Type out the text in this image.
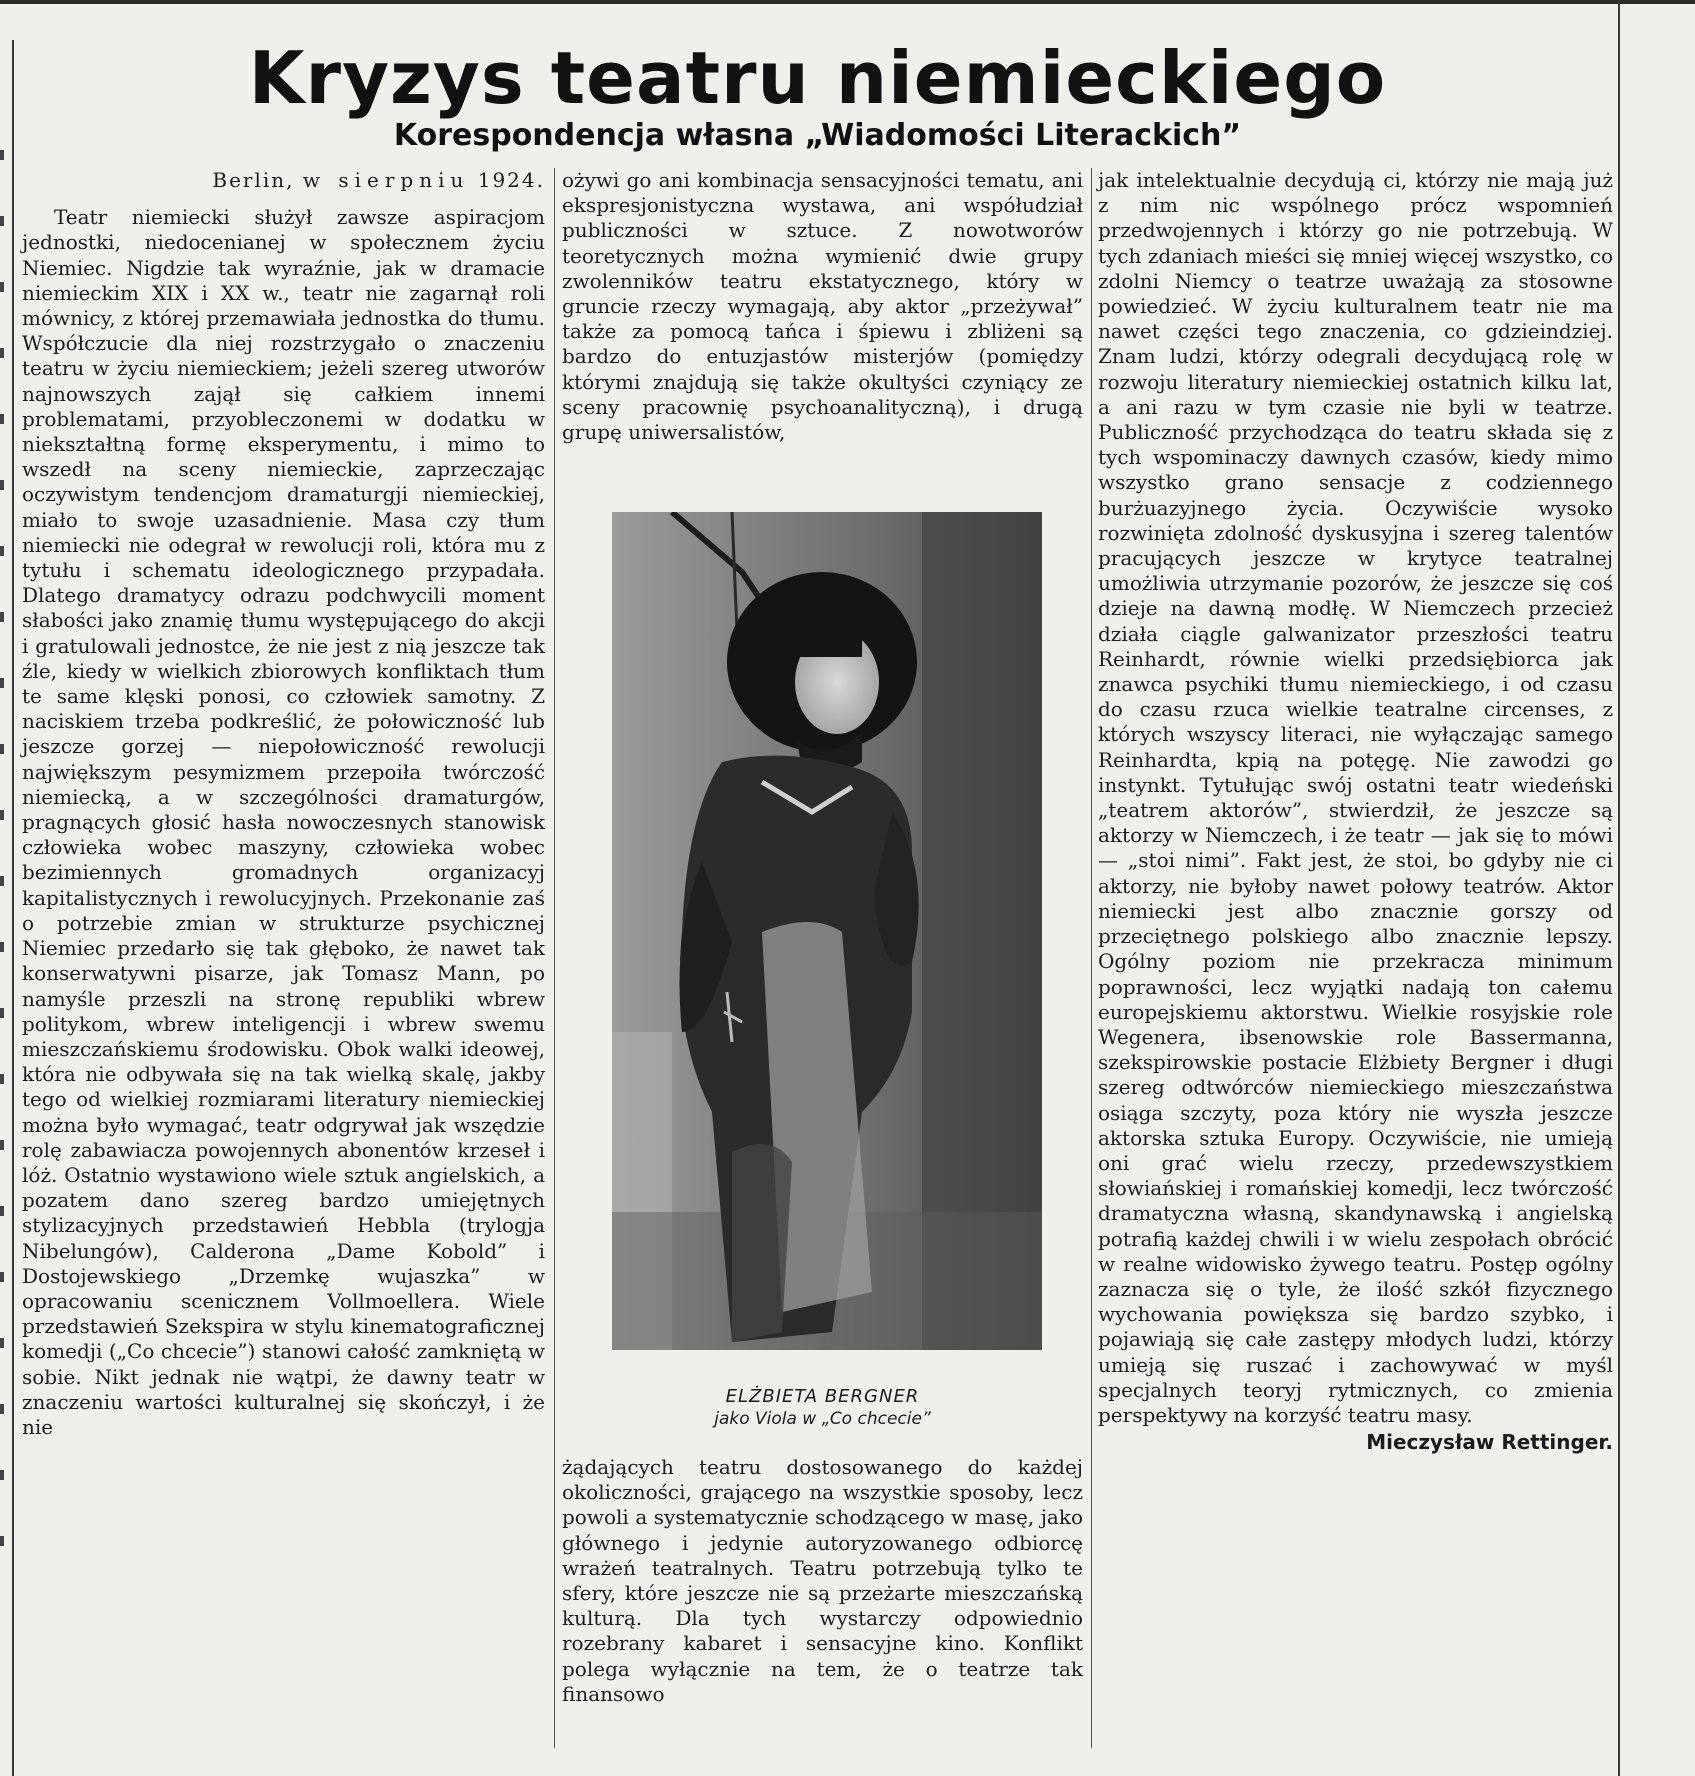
Kryzys teatru niemieckiego
Korespondencja własna „Wiadomości Literackich”
Berlin, w sierpniu 1924.

Teatr niemiecki służył zawsze aspiracjom jednostki, niedocenianej w społecznem życiu Niemiec. Nigdzie tak wyraźnie, jak w dramacie niemieckim XIX i XX w., teatr nie zagarnął roli mównicy, z której przemawiała jednostka do tłumu. Współczucie dla niej rozstrzygało o znaczeniu teatru w życiu niemieckiem; jeżeli szereg utworów najnowszych zajął się całkiem innemi problematami, przyobleczonemi w dodatku w niekształtną formę eksperymentu, i mimo to wszedł na sceny niemieckie, zaprzeczając oczywistym tendencjom dramaturgji niemieckiej, miało to swoje uzasadnienie. Masa czy tłum niemiecki nie odegrał w rewolucji roli, która mu z tytułu i schematu ideologicznego przypadała. Dlatego dramatycy odrazu podchwycili moment słabości jako znamię tłumu występującego do akcji i gratulowali jednostce, że nie jest z nią jeszcze tak źle, kiedy w wielkich zbiorowych konfliktach tłum te same klęski ponosi, co człowiek samotny. Z naciskiem trzeba podkreślić, że połowiczność lub jeszcze gorzej — niepołowiczność rewolucji największym pesymizmem przepoiła twórczość niemiecką, a w szczególności dramaturgów, pragnących głosić hasła nowoczesnych stanowisk człowieka wobec maszyny, człowieka wobec bezimiennych gromadnych organizacyj kapitalistycznych i rewolucyjnych. Przekonanie zaś o potrzebie zmian w strukturze psychicznej Niemiec przedarło się tak głęboko, że nawet tak konserwatywni pisarze, jak Tomasz Mann, po namyśle przeszli na stronę republiki wbrew politykom, wbrew inteligencji i wbrew swemu mieszczańskiemu środowisku. Obok walki ideowej, która nie odbywała się na tak wielką skalę, jakby tego od wielkiej rozmiarami literatury niemieckiej można było wymagać, teatr odgrywał jak wszędzie rolę zabawiacza powojennych abonentów krzeseł i lóż. Ostatnio wystawiono wiele sztuk angielskich, a pozatem dano szereg bardzo umiejętnych stylizacyjnych przedstawień Hebbla (trylogja Nibelungów), Calderona „Dame Kobold” i Dostojewskiego „Drzemkę wujaszka” w opracowaniu scenicznem Vollmoellera. Wiele przedstawień Szekspira w stylu kinematograficznej komedji („Co chcecie”) stanowi całość zamkniętą w sobie. Nikt jednak nie wątpi, że dawny teatr w znaczeniu wartości kulturalnej się skończył, i że nie

ożywi go ani kombinacja sensacyjności tematu, ani ekspresjonistyczna wystawa, ani współudział publiczności w sztuce. Z nowotworów teoretycznych można wymienić dwie grupy zwolenników teatru ekstatycznego, który w gruncie rzeczy wymagają, aby aktor „przeżywał” także za pomocą tańca i śpiewu i zbliżeni są bardzo do entuzjastów misterjów (pomiędzy którymi znajdują się także okultyści czyniący ze sceny pracownię psychoanalityczną), i drugą grupę uniwersalistów,

ELŻBIETA BERGNER
jako Viola w „Co chcecie”

żądających teatru dostosowanego do każdej okoliczności, grającego na wszystkie sposoby, lecz powoli a systematycznie schodzącego w masę, jako głównego i jedynie autoryzowanego odbiorcę wrażeń teatralnych. Teatru potrzebują tylko te sfery, które jeszcze nie są przeżarte mieszczańską kulturą. Dla tych wystarczy odpowiednio rozebrany kabaret i sensacyjne kino. Konflikt polega wyłącznie na tem, że o teatrze tak finansowo

jak intelektualnie decydują ci, którzy nie mają już z nim nic wspólnego prócz wspomnień przedwojennych i którzy go nie potrzebują. W tych zdaniach mieści się mniej więcej wszystko, co zdolni Niemcy o teatrze uważają za stosowne powiedzieć. W życiu kulturalnem teatr nie ma nawet części tego znaczenia, co gdzieindziej. Znam ludzi, którzy odegrali decydującą rolę w rozwoju literatury niemieckiej ostatnich kilku lat, a ani razu w tym czasie nie byli w teatrze. Publiczność przychodząca do teatru składa się z tych wspominaczy dawnych czasów, kiedy mimo wszystko grano sensacje z codziennego burżuazyjnego życia. Oczywiście wysoko rozwinięta zdolność dyskusyjna i szereg talentów pracujących jeszcze w krytyce teatralnej umożliwia utrzymanie pozorów, że jeszcze się coś dzieje na dawną modłę. W Niemczech przecież działa ciągle galwanizator przeszłości teatru Reinhardt, równie wielki przedsiębiorca jak znawca psychiki tłumu niemieckiego, i od czasu do czasu rzuca wielkie teatralne circenses, z których wszyscy literaci, nie wyłączając samego Reinhardta, kpią na potęgę. Nie zawodzi go instynkt. Tytułując swój ostatni teatr wiedeński „teatrem aktorów”, stwierdził, że jeszcze są aktorzy w Niemczech, i że teatr — jak się to mówi — „stoi nimi”. Fakt jest, że stoi, bo gdyby nie ci aktorzy, nie byłoby nawet połowy teatrów. Aktor niemiecki jest albo znacznie gorszy od przeciętnego polskiego albo znacznie lepszy. Ogólny poziom nie przekracza minimum poprawności, lecz wyjątki nadają ton całemu europejskiemu aktorstwu. Wielkie rosyjskie role Wegenera, ibsenowskie role Bassermanna, szekspirowskie postacie Elżbiety Bergner i długi szereg odtwórców niemieckiego mieszczaństwa osiąga szczyty, poza który nie wyszła jeszcze aktorska sztuka Europy. Oczywiście, nie umieją oni grać wielu rzeczy, przedewszystkiem słowiańskiej i romańskiej komedji, lecz twórczość dramatyczna własną, skandynawską i angielską potrafią każdej chwili i w wielu zespołach obrócić w realne widowisko żywego teatru. Postęp ogólny zaznacza się o tyle, że ilość szkół fizycznego wychowania powiększa się bardzo szybko, i pojawiają się całe zastępy młodych ludzi, którzy umieją się ruszać i zachowywać w myśl specjalnych teoryj rytmicznych, co zmienia perspektywy na korzyść teatru masy.

Mieczysław Rettinger.
